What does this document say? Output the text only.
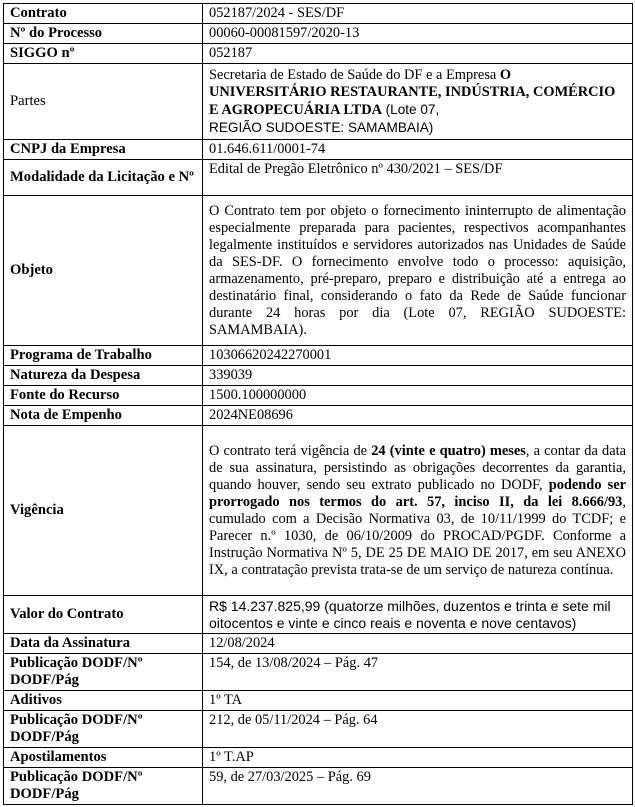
Contrato	052187/2024 - SES/DF
Nº do Processo	00060-00081597/2020-13
SIGGO nº	052187
Partes	Secretaria de Estado de Saúde do DF e a Empresa O UNIVERSITÁRIO RESTAURANTE, INDÚSTRIA, COMÉRCIO E AGROPECUÁRIA LTDA (Lote 07,
REGIÃO SUDOESTE: SAMAMBAIA)
CNPJ da Empresa	01.646.611/0001-74
Modalidade da Licitação e Nº	Edital de Pregão Eletrônico nº 430/2021 – SES/DF
Objeto	O Contrato tem por objeto o fornecimento ininterrupto de alimentação especialmente preparada para pacientes, respectivos acompanhantes legalmente instituídos e servidores autorizados nas Unidades de Saúde da SES-DF. O fornecimento envolve todo o processo: aquisição, armazenamento, pré-preparo, preparo e distribuição até a entrega ao destinatário final, considerando o fato da Rede de Saúde funcionar durante 24 horas por dia (Lote 07, REGIÃO SUDOESTE: SAMAMBAIA).
Programa de Trabalho	10306620242270001
Natureza da Despesa	339039
Fonte do Recurso	1500.100000000
Nota de Empenho	2024NE08696
Vigência	O contrato terá vigência de 24 (vinte e quatro) meses, a contar da data de sua assinatura, persistindo as obrigações decorrentes da garantia, quando houver, sendo seu extrato publicado no DODF, podendo ser prorrogado nos termos do art. 57, inciso II, da lei 8.666/93, cumulado com a Decisão Normativa 03, de 10/11/1999 do TCDF; e Parecer n.º 1030, de 06/10/2009 do PROCAD/PGDF. Conforme a Instrução Normativa Nº 5, DE 25 DE MAIO DE 2017, em seu ANEXO IX, a contratação prevista trata-se de um serviço de natureza contínua.
Valor do Contrato	R$ 14.237.825,99 (quatorze milhões, duzentos e trinta e sete mil oitocentos e vinte e cinco reais e noventa e nove centavos)
Data da Assinatura	12/08/2024
Publicação DODF/Nº DODF/Pág	154, de 13/08/2024 – Pág. 47
Aditivos	1º TA
Publicação DODF/Nº DODF/Pág	212, de 05/11/2024 – Pág. 64
Apostilamentos	1º T.AP
Publicação DODF/Nº DODF/Pág	59, de 27/03/2025 – Pág. 69
